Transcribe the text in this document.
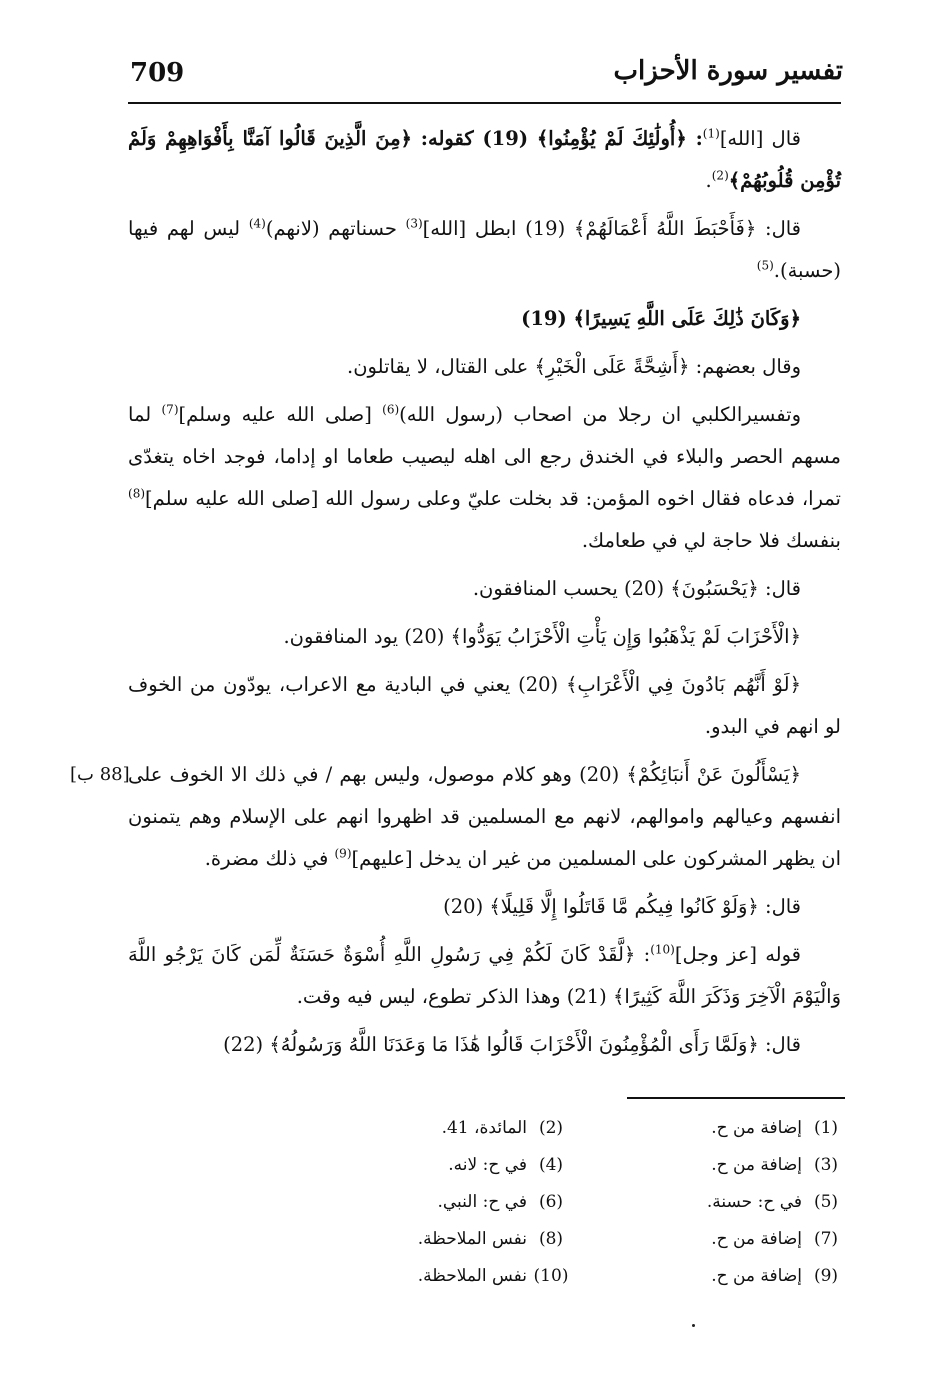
تفسير سورة الأحزاب
709

قال [الله]$^{(1)}$: ﴿أُولَٰئِكَ لَمْ يُؤْمِنُوا﴾ (19) كقوله: ﴿مِنَ الَّذِينَ قَالُوا آمَنَّا بِأَفْوَاهِهِمْ وَلَمْ تُؤْمِن قُلُوبُهُمْ﴾$^{(2)}$.

قال: ﴿فَأَحْبَطَ اللَّهُ أَعْمَالَهُمْ﴾ (19) ابطل [الله]$^{(3)}$ حسناتهم (لانهم)$^{(4)}$ ليس لهم فيها (حسبة).$^{(5)}$

﴿وَكَانَ ذَٰلِكَ عَلَى اللَّهِ يَسِيرًا﴾ (19)

وقال بعضهم: ﴿أَشِحَّةً عَلَى الْخَيْرِ﴾ على القتال، لا يقاتلون.

وتفسيرالكلبي ان رجلا من اصحاب (رسول الله)$^{(6)}$ [صلى الله عليه وسلم]$^{(7)}$ لما مسهم الحصر والبلاء في الخندق رجع الى اهله ليصيب طعاما او إداما، فوجد اخاه يتغدّى تمرا، فدعاه فقال اخوه المؤمن: قد بخلت عليّ وعلى رسول الله [صلى الله عليه سلم]$^{(8)}$ بنفسك فلا حاجة لي في طعامك.

قال: ﴿يَحْسَبُونَ﴾ (20) يحسب المنافقون.

﴿الْأَحْزَابَ لَمْ يَذْهَبُوا وَإِن يَأْتِ الْأَحْزَابُ يَوَدُّوا﴾ (20) يود المنافقون.

﴿لَوْ أَنَّهُم بَادُونَ فِي الْأَعْرَابِ﴾ (20) يعني في البادية مع الاعراب، يودّون من الخوف لو انهم في البدو.

[88 ب]
﴿يَسْأَلُونَ عَنْ أَنبَائِكُمْ﴾ (20) وهو كلام موصول، وليس بهم / في ذلك الا الخوف على انفسهم وعيالهم واموالهم، لانهم مع المسلمين قد اظهروا انهم على الإسلام وهم يتمنون ان يظهر المشركون على المسلمين من غير ان يدخل [عليهم]$^{(9)}$ في ذلك مضرة.

قال: ﴿وَلَوْ كَانُوا فِيكُم مَّا قَاتَلُوا إِلَّا قَلِيلًا﴾ (20)

قوله [عز وجل]$^{(10)}$: ﴿لَّقَدْ كَانَ لَكُمْ فِي رَسُولِ اللَّهِ أُسْوَةٌ حَسَنَةٌ لِّمَن كَانَ يَرْجُو اللَّهَ وَالْيَوْمَ الْآخِرَ وَذَكَرَ اللَّهَ كَثِيرًا﴾ (21) وهذا الذكر تطوع، ليس فيه وقت.

قال: ﴿وَلَمَّا رَأَى الْمُؤْمِنُونَ الْأَحْزَابَ قَالُوا هَٰذَا مَا وَعَدَنَا اللَّهُ وَرَسُولُهُ﴾ (22)

(1)
إضافة من ح.
(2)
المائدة، 41.
(3)
إضافة من ح.
(4)
في ح: لانه.
(5)
في ح: حسنة.
(6)
في ح: النبي.
(7)
إضافة من ح.
(8)
نفس الملاحظة.
(9)
إضافة من ح.
(10)
نفس الملاحظة.
